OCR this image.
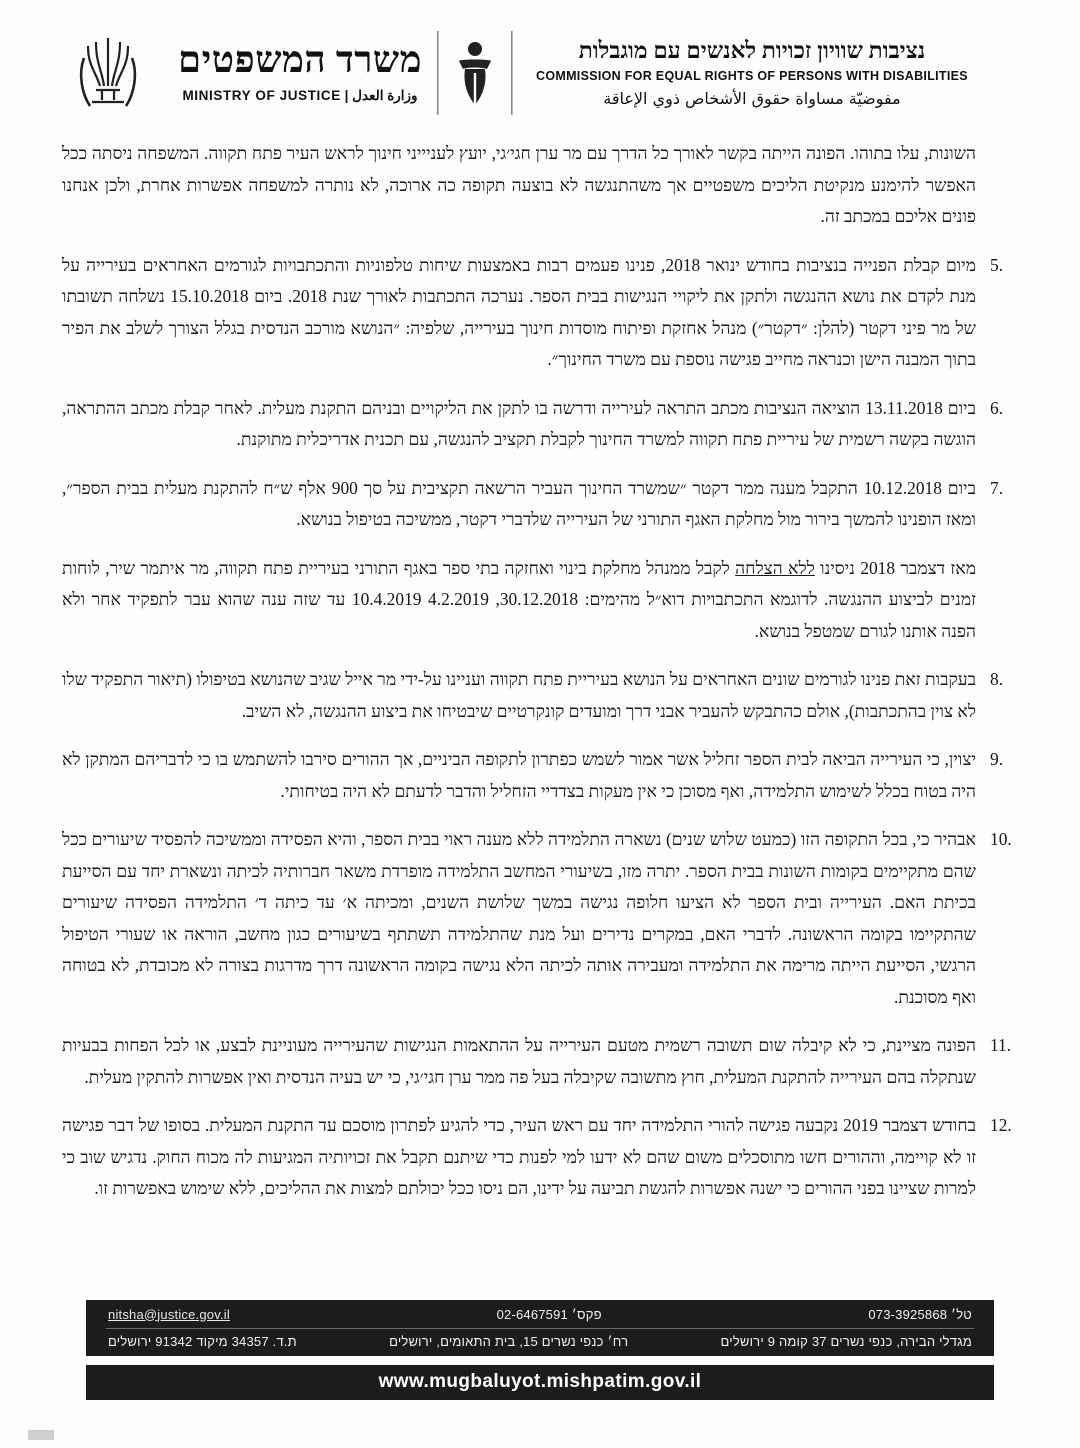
משרד המשפטים
وزارة العدل | MINISTRY OF JUSTICE
נציבות שוויון זכויות לאנשים עם מוגבלות
COMMISSION FOR EQUAL RIGHTS OF PERSONS WITH DISABILITIES
مفوضيّة مساواة حقوق الأشخاص ذوي الإعاقة
השונות, עלו בתוהו. הפונה הייתה בקשר לאורך כל הדרך עם מר ערן חגי׳גי, יועץ לעניייני חינוך לראש העיר פתח תקווה. המשפחה ניסתה ככל האפשר להימנע מנקיטת הליכים משפטיים אך משהתנגשה לא בוצעה תקופה כה ארוכה, לא נותרה למשפחה אפשרות אחרת, ולכן אנחנו פונים אליכם במכתב זה.
.5
מיום קבלת הפנייה בנציבות בחודש ינואר 2018, פנינו פעמים רבות באמצעות שיחות טלפוניות והתכתבויות לגורמים האחראים בעירייה על מנת לקדם את נושא ההנגשה ולתקן את ליקויי הנגישות בבית הספר. נערכה התכתבות לאורך שנת 2018. ביום 15.10.2018 נשלחה תשובתו של מר פיני דקטר (להלן: ״דקטר״) מנהל אחזקת ופיתוח מוסדות חינוך בעירייה, שלפיה: ״הנושא מורכב הנדסית בגלל הצורך לשלב את הפיר בתוך המבנה הישן וכנראה מחייב פגישה נוספת עם משרד החינוך״.
.6
ביום 13.11.2018 הוציאה הנציבות מכתב התראה לעירייה ודרשה בו לתקן את הליקויים ובניהם התקנת מעלית. לאחר קבלת מכתב ההתראה, הוגשה בקשה רשמית של עיריית פתח תקווה למשרד החינוך לקבלת תקציב להנגשה, עם תכנית אדריכלית מתוקנת.
.7
ביום 10.12.2018 התקבל מענה ממר דקטר ״שמשרד החינוך העביר הרשאה תקציבית על סך 900 אלף ש״ח להתקנת מעלית בבית הספר״, ומאז הופנינו להמשך בירור מול מחלקת האגף התורני של העירייה שלדברי דקטר, ממשיכה בטיפול בנושא.
מאז דצמבר 2018 ניסינו ללא הצלחה לקבל ממנהל מחלקת בינוי ואחזקה בתי ספר באגף התורני בעיריית פתח תקווה, מר איתמר שיר, לוחות זמנים לביצוע ההנגשה. לדוגמא התכתבויות דוא״ל מהימים: 30.12.2018, 4.2.2019 10.4.2019 עד שזה ענה שהוא עבר לתפקיד אחר ולא הפנה אותנו לגורם שמטפל בנושא.
.8
בעקבות זאת פנינו לגורמים שונים האחראים על הנושא בעיריית פתח תקווה ועניינו על-ידי מר אייל שגיב שהנושא בטיפולו (תיאור התפקיד שלו לא צוין בהתכתבות), אולם כהתבקש להעביר אבני דרך ומועדים קונקרטיים שיבטיחו את ביצוע ההנגשה, לא השיב.
.9
יצוין, כי העירייה הביאה לבית הספר זחליל אשר אמור לשמש כפתרון לתקופה הביניים, אך ההורים סירבו להשתמש בו כי לדבריהם המתקן לא היה בטוח בכלל לשימוש התלמידה, ואף מסוכן כי אין מעקות בצדדיי הזחליל והדבר לדעתם לא היה בטיחותי.
.10
אבהיר כי, בכל התקופה הזו (כמעט שלוש שנים) נשארה התלמידה ללא מענה ראוי בבית הספר, והיא הפסידה וממשיכה להפסיד שיעורים ככל שהם מתקיימים בקומות השונות בבית הספר. יתרה מזו, בשיעורי המחשב התלמידה מופרדת משאר חברותיה לכיתה ונשארת יחד עם הסייעת בכיתת האם. העירייה ובית הספר לא הציעו חלופה נגישה במשך שלושת השנים, ומכיתה א׳ עד כיתה ד׳ התלמידה הפסידה שיעורים שהתקיימו בקומה הראשונה. לדברי האם, במקרים נדירים ועל מנת שהתלמידה תשתתף בשיעורים כגון מחשב, הוראה או שעורי הטיפול הרגשי, הסייעת הייתה מרימה את התלמידה ומעבירה אותה לכיתה הלא נגישה בקומה הראשונה דרך מדרגות בצורה לא מכובדת, לא בטוחה ואף מסוכנת.
.11
הפונה מציינת, כי לא קיבלה שום תשובה רשמית מטעם העירייה על ההתאמות הנגישות שהעירייה מעוניינת לבצע, או לכל הפחות בבעיות שנתקלה בהם העירייה להתקנת המעלית, חוץ מתשובה שקיבלה בעל פה ממר ערן חגי׳גי, כי יש בעיה הנדסית ואין אפשרות להתקין מעלית.
.12
בחודש דצמבר 2019 נקבעה פגישה להורי התלמידה יחד עם ראש העיר, כדי להגיע לפתרון מוסכם עד התקנת המעלית. בסופו של דבר פגישה זו לא קויימה, וההורים חשו מתוסכלים משום שהם לא ידעו למי לפנות כדי שיתנם תקבל את זכויותיה המגיעות לה מכוח החוק. נדגיש שוב כי למרות שציינו בפני ההורים כי ישנה אפשרות להגשת תביעה על ידינו, הם ניסו ככל יכולתם למצות את ההליכים, ללא שימוש באפשרות זו.
טל׳ 073-3925868
פקס׳ 02-6467591
nitsha@justice.gov.il
מגדלי הבירה, כנפי נשרים 37 קומה 9 ירושלים
רח׳ כנפי נשרים 15, בית התאומים, ירושלים
ת.ד. 34357 מיקוד 91342 ירושלים
www.mugbaluyot.mishpatim.gov.il
